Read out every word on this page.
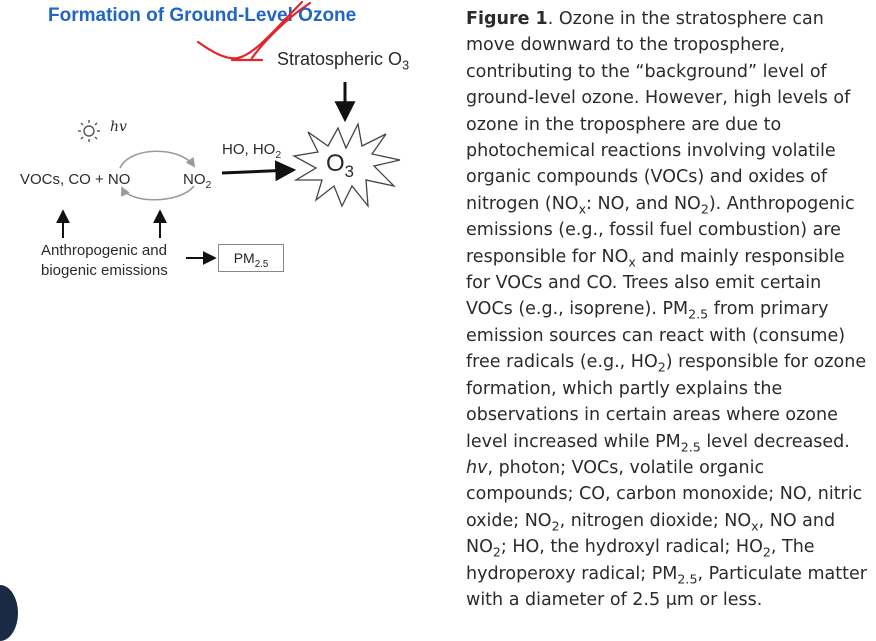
Formation of Ground-Level Ozone
Stratospheric $O_3$
hv
HO, $HO_2$
VOCs, CO + NO	$NO_2$
$O_3$
Anthropogenic and
biogenic emissions
$PM_{2.5}$
Figure 1. Ozone in the stratosphere can move downward to the troposphere, contributing to the “background” level of ground-level ozone. However, high levels of ozone in the troposphere are due to photochemical reactions involving volatile organic compounds (VOCs) and oxides of nitrogen ($NO_x$: NO, and $NO_2$). Anthropogenic emissions (e.g., fossil fuel combustion) are responsible for $NO_x$ and mainly responsible for VOCs and CO. Trees also emit certain VOCs (e.g., isoprene). $PM_{2.5}$ from primary emission sources can react with (consume) free radicals (e.g., $HO_2$) responsible for ozone formation, which partly explains the observations in certain areas where ozone level increased while $PM_{2.5}$ level decreased. hv, photon; VOCs, volatile organic compounds; CO, carbon monoxide; NO, nitric oxide; $NO_2$, nitrogen dioxide; $NO_x$, NO and $NO_2$; HO, the hydroxyl radical; $HO_2$, The hydroperoxy radical; $PM_{2.5}$, Particulate matter with a diameter of 2.5 μm or less.
